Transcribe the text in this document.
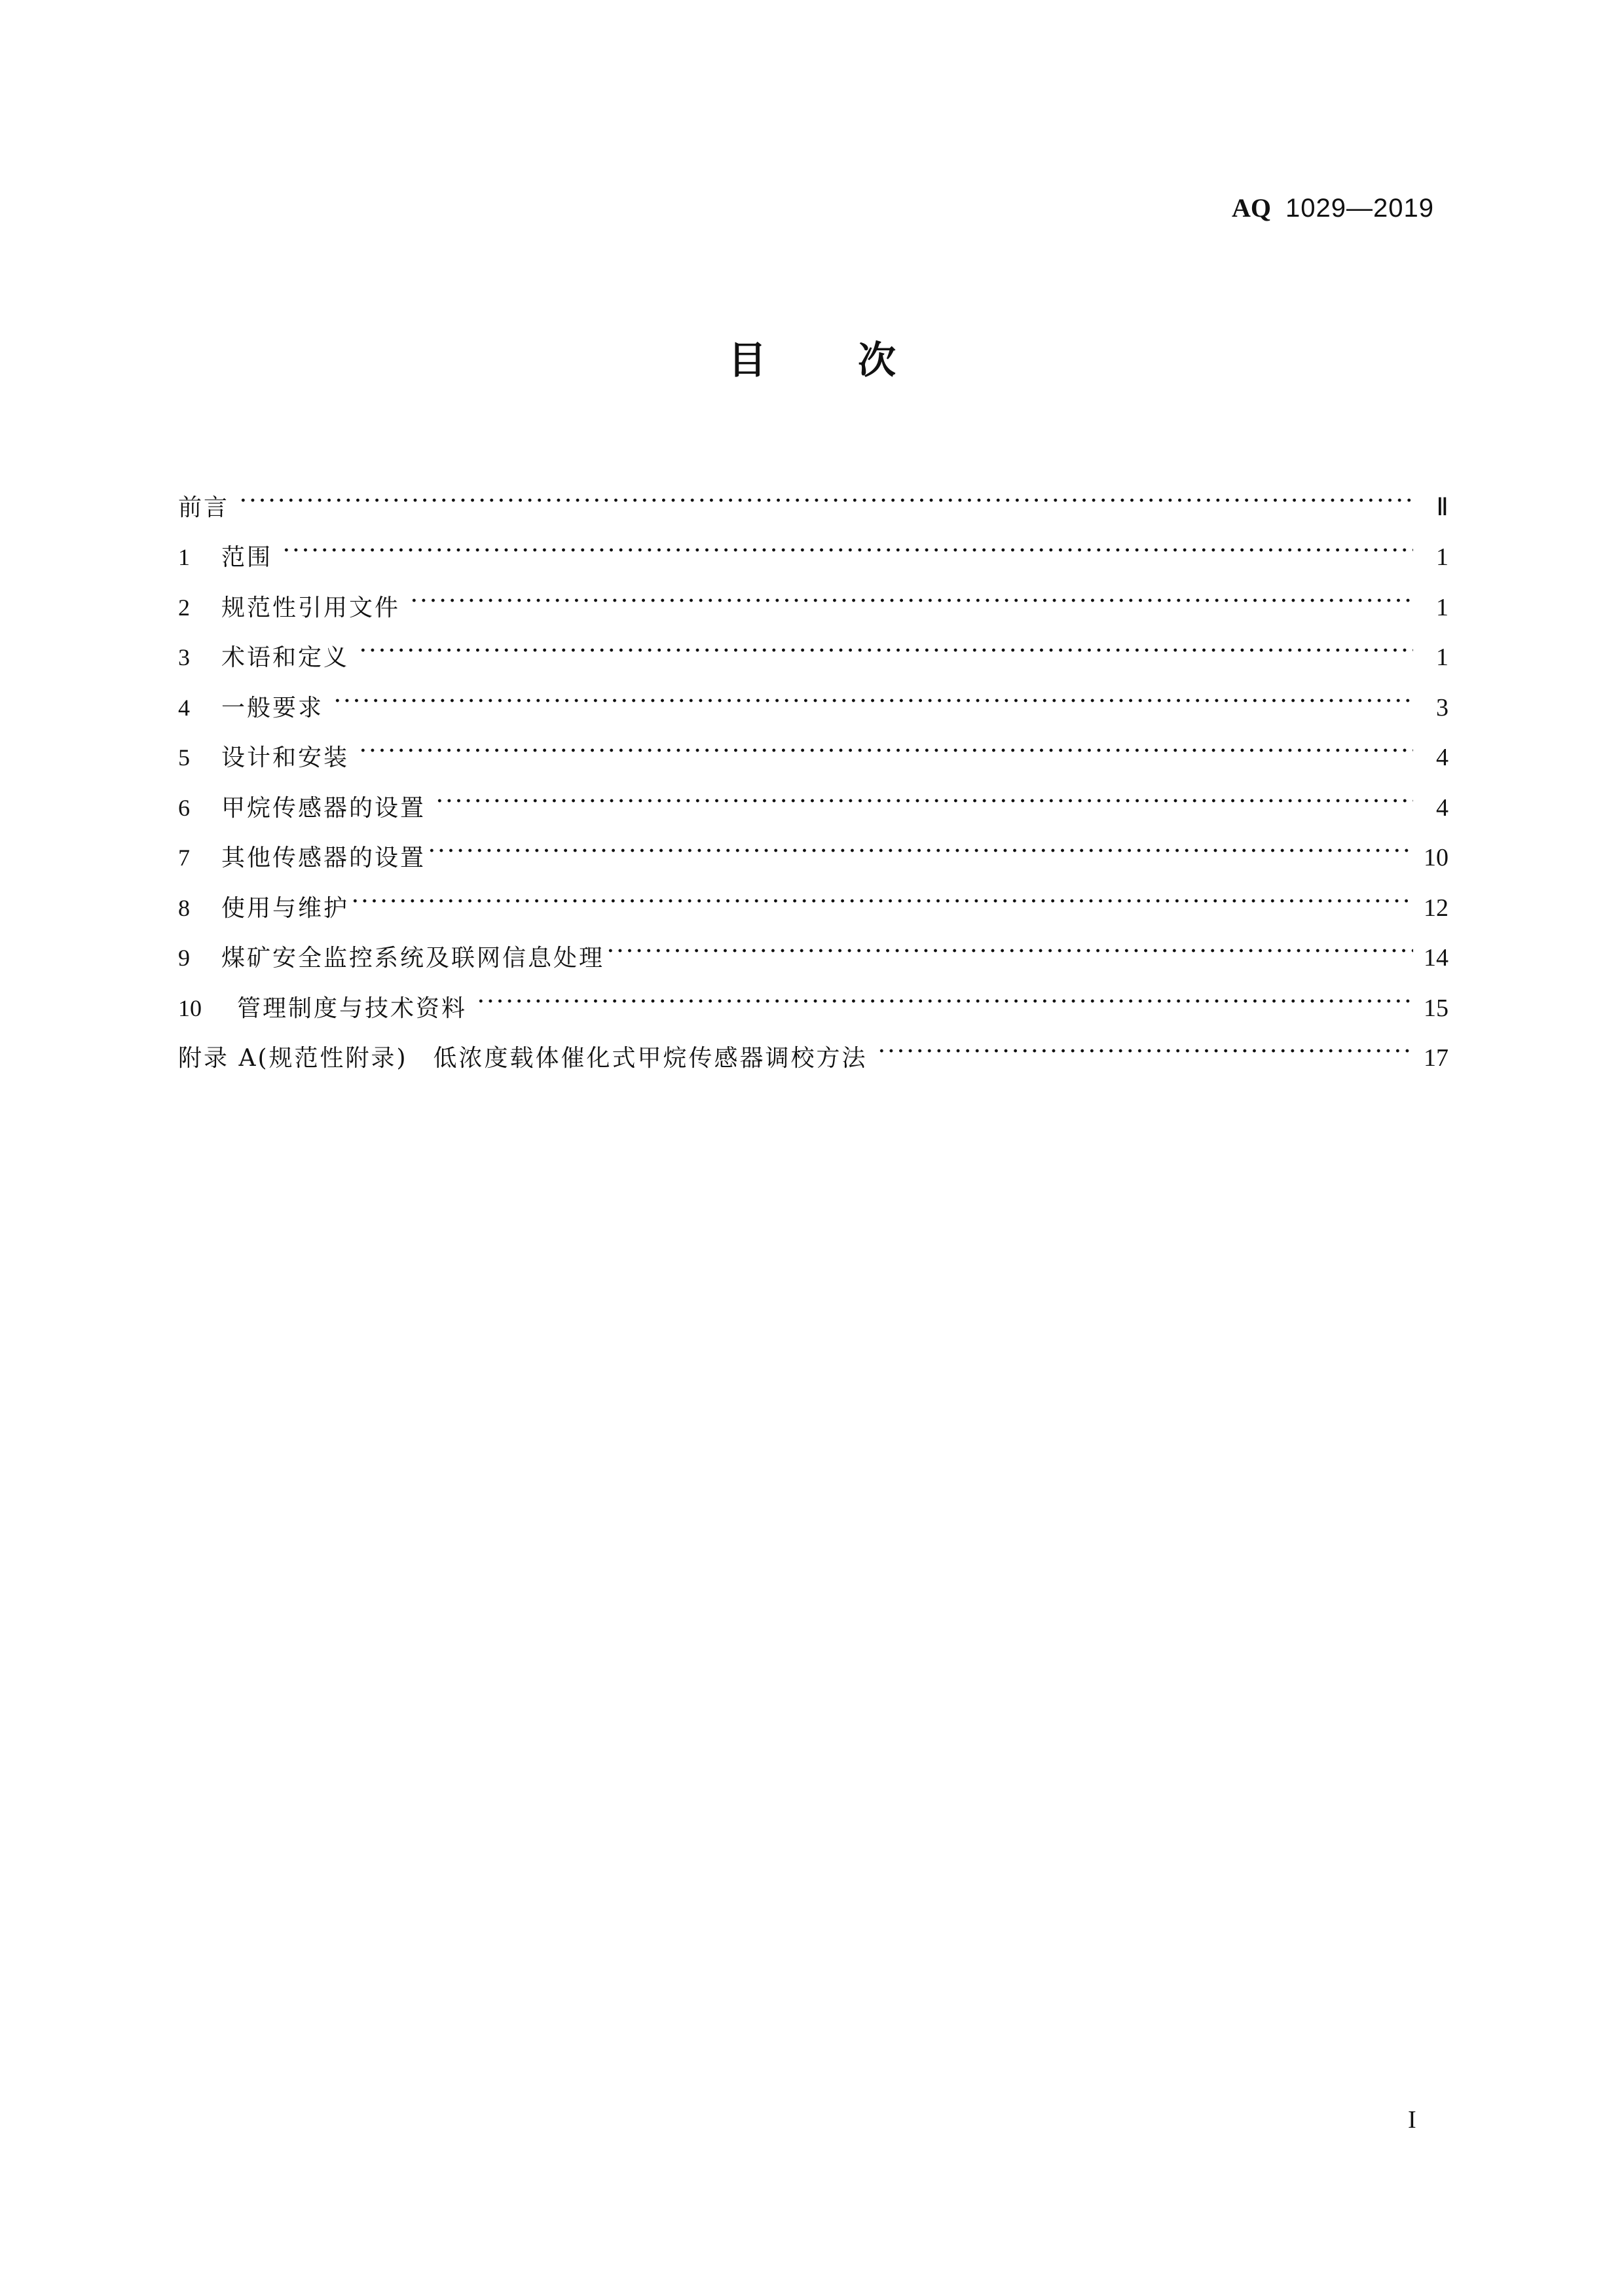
AQ 1029—2019
目 次
前言	Ⅱ
1	范围	1
2	规范性引用文件	1
3	术语和定义	1
4	一般要求	3
5	设计和安装	4
6	甲烷传感器的设置	4
7	其他传感器的设置	10
8	使用与维护	12
9	煤矿安全监控系统及联网信息处理	14
10	管理制度与技术资料	15
附录 A(规范性附录)　低浓度载体催化式甲烷传感器调校方法	17
I
